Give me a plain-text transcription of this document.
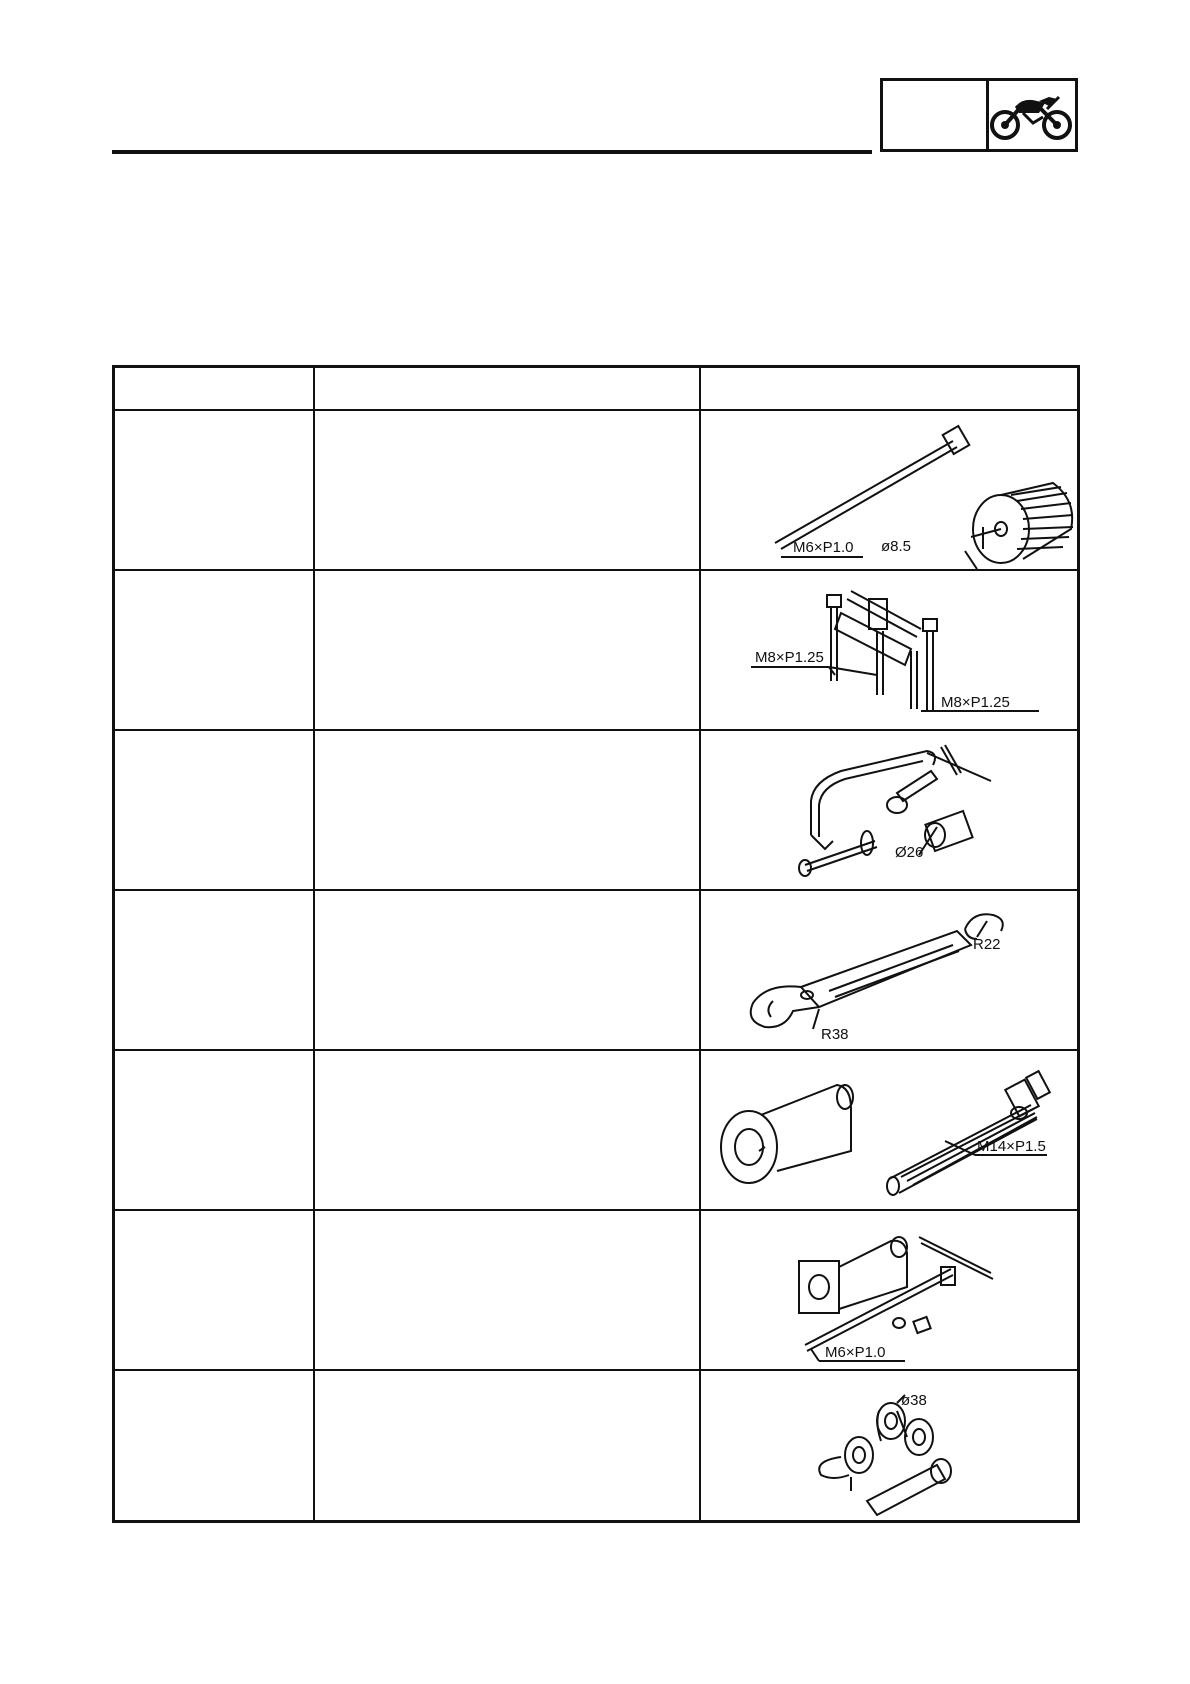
M6×P1.0 ø8.5
M8×P1.25
M8×P1.25
Ø26
R22
R38
M14×P1.5
M6×P1.0
ø38
